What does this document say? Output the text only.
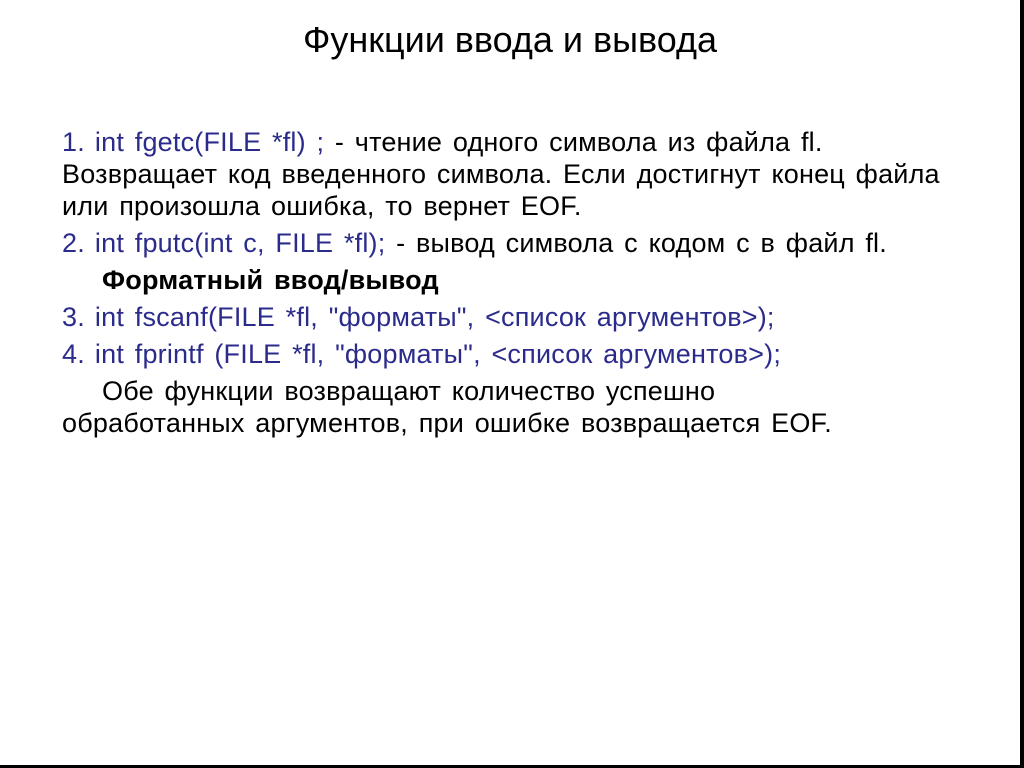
Функции ввода и вывода
1. int fgetc(FILE *fl) ; - чтение одного символа из файла fl. Возвращает код введенного символа. Если достигнут конец файла или произошла ошибка, то вернет EOF.
2. int fputc(int c, FILE *fl); - вывод символа с кодом с в файл fl.
Форматный ввод/вывод
3. int fscanf(FILE *fl, "форматы", <список аргументов>);
4. int fprintf (FILE *fl, "форматы", <список аргументов>);
Обе функции возвращают количество успешно
обработанных аргументов, при ошибке возвращается EOF.
